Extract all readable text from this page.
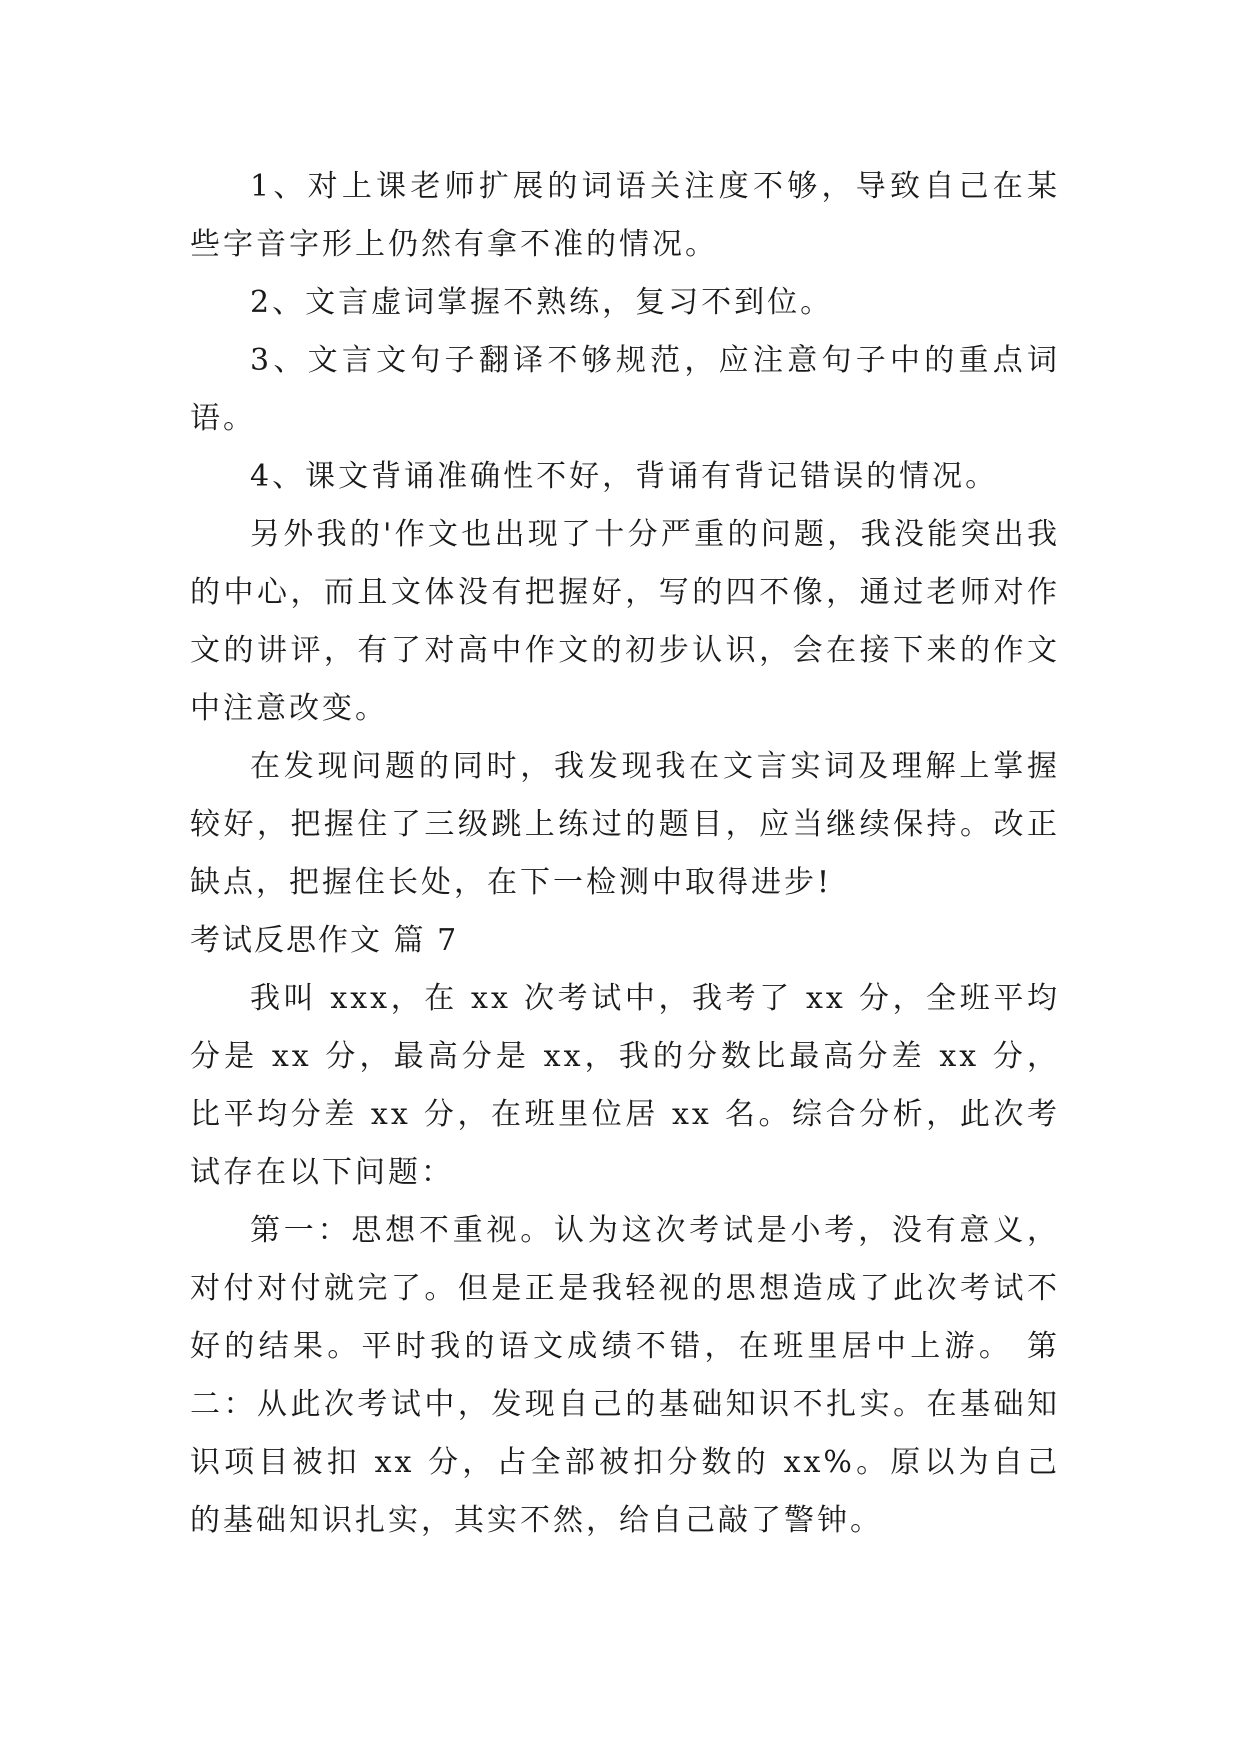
1、对上课老师扩展的词语关注度不够，导致自己在某些字音字形上仍然有拿不准的情况。

2、文言虚词掌握不熟练，复习不到位。

3、文言文句子翻译不够规范，应注意句子中的重点词语。

4、课文背诵准确性不好，背诵有背记错误的情况。

另外我的'作文也出现了十分严重的问题，我没能突出我的中心，而且文体没有把握好，写的四不像，通过老师对作文的讲评，有了对高中作文的初步认识，会在接下来的作文中注意改变。

在发现问题的同时，我发现我在文言实词及理解上掌握较好，把握住了三级跳上练过的题目，应当继续保持。改正缺点，把握住长处，在下一检测中取得进步!

考试反思作文 篇 7

我叫 xxx，在 xx 次考试中，我考了 xx 分，全班平均分是 xx 分，最高分是 xx，我的分数比最高分差 xx 分，比平均分差 xx 分，在班里位居 xx 名。综合分析，此次考试存在以下问题：

第一：思想不重视。认为这次考试是小考，没有意义，对付对付就完了。但是正是我轻视的思想造成了此次考试不好的结果。平时我的语文成绩不错，在班里居中上游。 第二：从此次考试中，发现自己的基础知识不扎实。在基础知识项目被扣 xx 分，占全部被扣分数的 xx%。原以为自己的基础知识扎实，其实不然，给自己敲了警钟。
